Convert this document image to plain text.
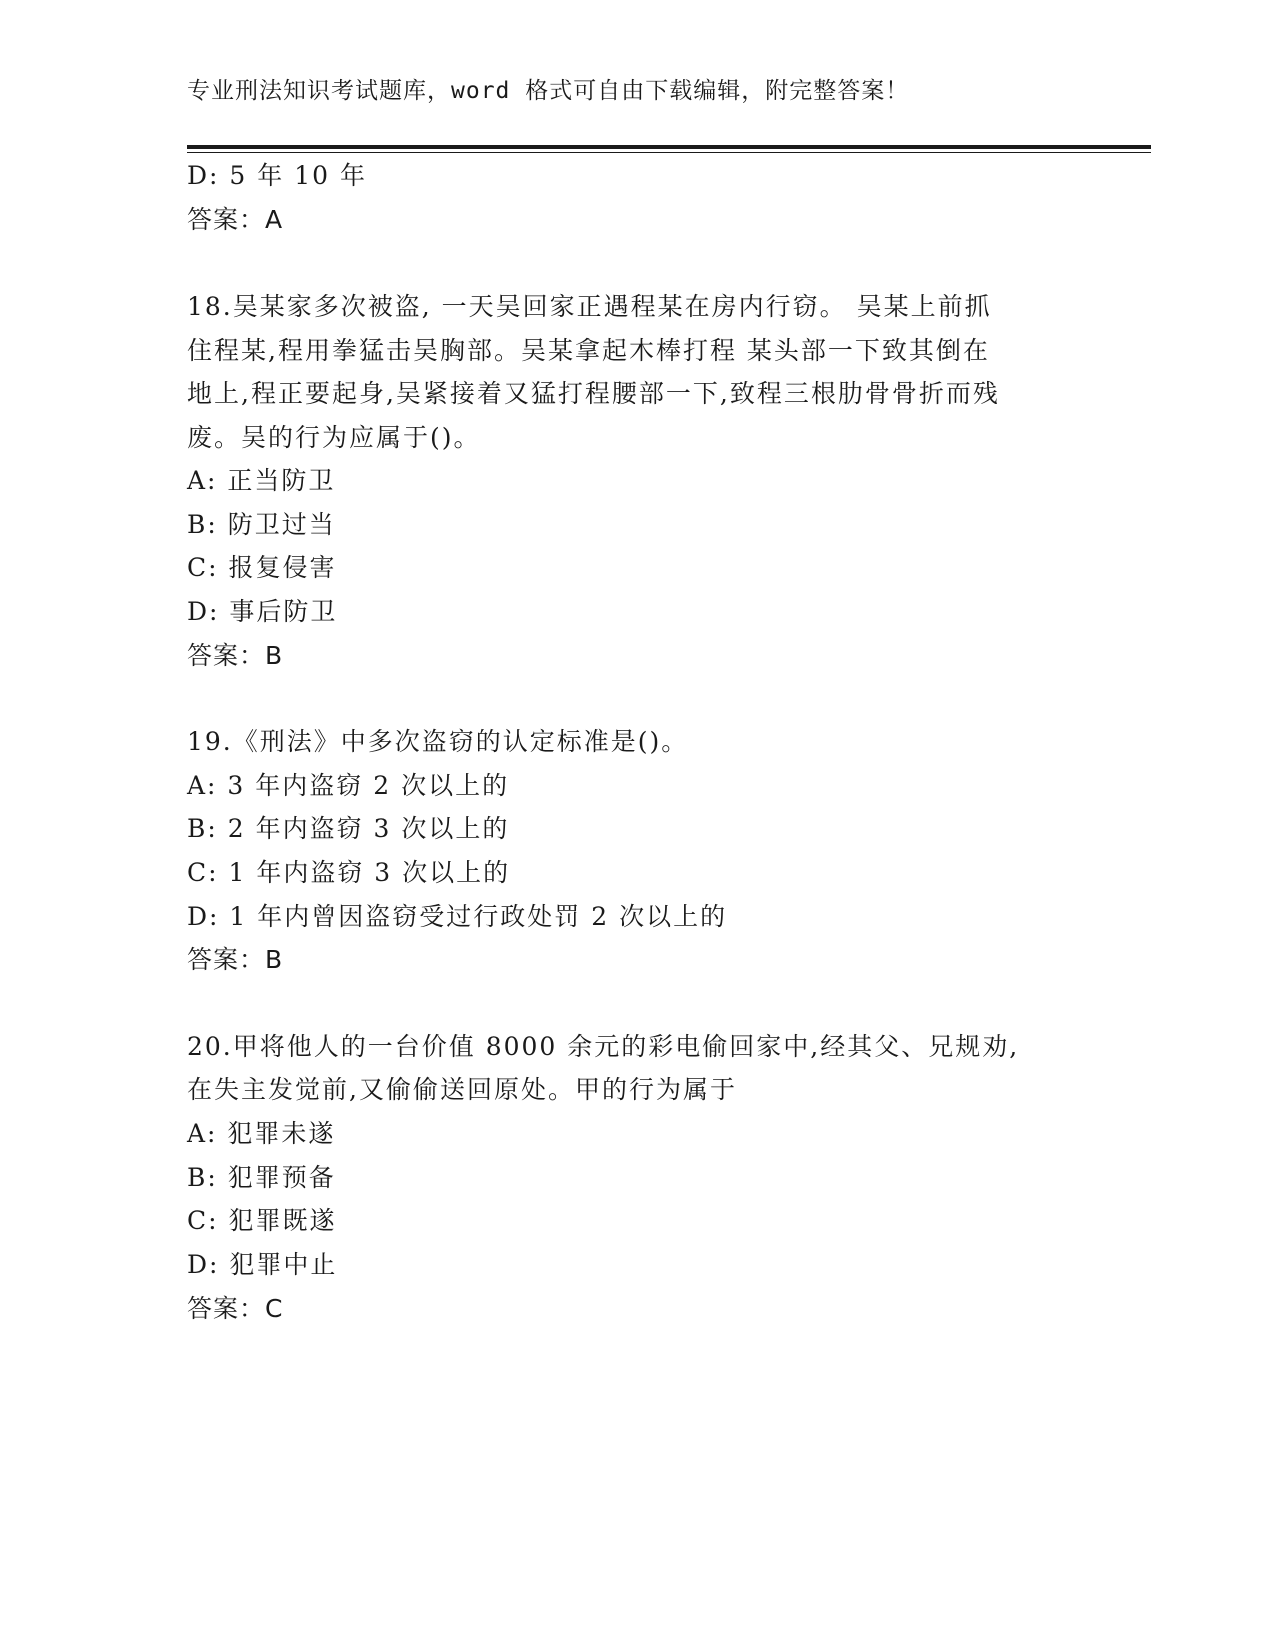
专业刑法知识考试题库，word 格式可自由下载编辑，附完整答案！
D: 5 年 10 年
答案：A
18.吴某家多次被盗, 一天吴回家正遇程某在房内行窃。 吴某上前抓
住程某,程用拳猛击吴胸部。吴某拿起木棒打程 某头部一下致其倒在
地上,程正要起身,吴紧接着又猛打程腰部一下,致程三根肋骨骨折而残
废。吴的行为应属于()。
A: 正当防卫
B: 防卫过当
C: 报复侵害
D: 事后防卫
答案：B
19.《刑法》中多次盗窃的认定标准是()。
A: 3 年内盗窃 2 次以上的
B: 2 年内盗窃 3 次以上的
C: 1 年内盗窃 3 次以上的
D: 1 年内曾因盗窃受过行政处罚 2 次以上的
答案：B
20.甲将他人的一台价值 8000 余元的彩电偷回家中,经其父、兄规劝,
在失主发觉前,又偷偷送回原处。甲的行为属于
A: 犯罪未遂
B: 犯罪预备
C: 犯罪既遂
D: 犯罪中止
答案：C
